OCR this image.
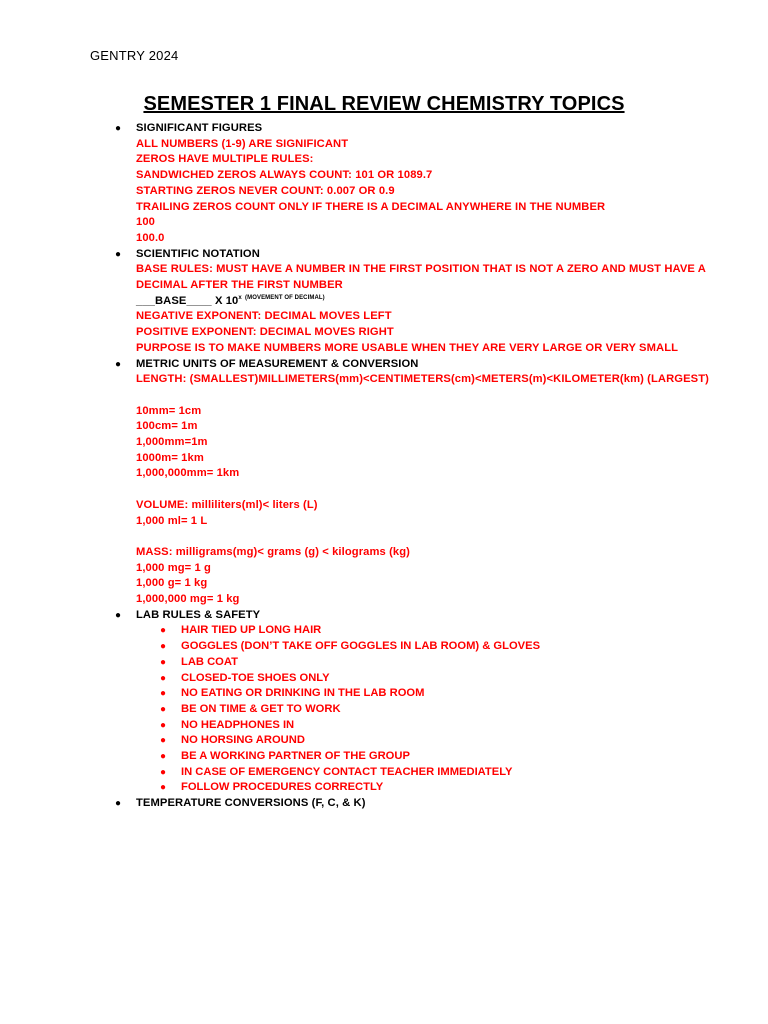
GENTRY 2024
SEMESTER 1 FINAL REVIEW CHEMISTRY TOPICS
● SIGNIFICANT FIGURES
ALL NUMBERS (1-9) ARE SIGNIFICANT
ZEROS HAVE MULTIPLE RULES:
SANDWICHED ZEROS ALWAYS COUNT: 101 OR 1089.7
STARTING ZEROS NEVER COUNT: 0.007 OR 0.9
TRAILING ZEROS COUNT ONLY IF THERE IS A DECIMAL ANYWHERE IN THE NUMBER
100
100.0
● SCIENTIFIC NOTATION
BASE RULES: MUST HAVE A NUMBER IN THE FIRST POSITION THAT IS NOT A ZERO AND MUST HAVE A
DECIMAL AFTER THE FIRST NUMBER
___BASE____ X 10$^x$ $^{(MOVEMENT OF DECIMAL)}$
NEGATIVE EXPONENT: DECIMAL MOVES LEFT
POSITIVE EXPONENT: DECIMAL MOVES RIGHT
PURPOSE IS TO MAKE NUMBERS MORE USABLE WHEN THEY ARE VERY LARGE OR VERY SMALL
● METRIC UNITS OF MEASUREMENT & CONVERSION
LENGTH: (SMALLEST)MILLIMETERS(mm)<CENTIMETERS(cm)<METERS(m)<KILOMETER(km) (LARGEST)
10mm= 1cm
100cm= 1m
1,000mm=1m
1000m= 1km
1,000,000mm= 1km
VOLUME: milliliters(ml)< liters (L)
1,000 ml= 1 L
MASS: milligrams(mg)< grams (g) < kilograms (kg)
1,000 mg= 1 g
1,000 g= 1 kg
1,000,000 mg= 1 kg
● LAB RULES & SAFETY
● HAIR TIED UP LONG HAIR
● GOGGLES (DON’T TAKE OFF GOGGLES IN LAB ROOM) & GLOVES
● LAB COAT
● CLOSED-TOE SHOES ONLY
● NO EATING OR DRINKING IN THE LAB ROOM
● BE ON TIME & GET TO WORK
● NO HEADPHONES IN
● NO HORSING AROUND
● BE A WORKING PARTNER OF THE GROUP
● IN CASE OF EMERGENCY CONTACT TEACHER IMMEDIATELY
● FOLLOW PROCEDURES CORRECTLY
● TEMPERATURE CONVERSIONS (F, C, & K)
